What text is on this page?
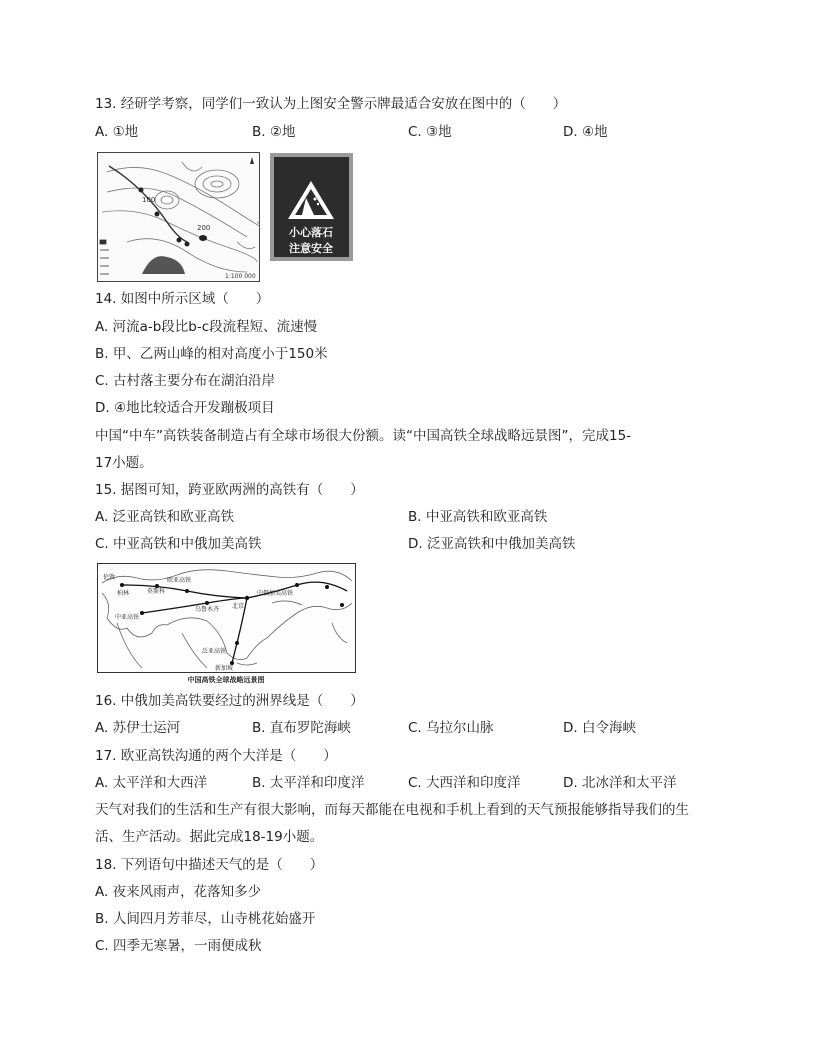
13. 经研学考察，同学们一致认为上图安全警示牌最适合安放在图中的（　　）
A. ①地	B. ②地	C. ③地	D. ④地
100
200
1:100 000
小心落石
注意安全
14. 如图中所示区域（　　）
A. 河流a-b段比b-c段流程短、流速慢
B. 甲、乙两山峰的相对高度小于150米
C. 古村落主要分布在湖泊沿岸
D. ④地比较适合开发蹦极项目
中国“中车”高铁装备制造占有全球市场很大份额。读“中国高铁全球战略远景图”，完成15-
17小题。
15. 据图可知，跨亚欧两洲的高铁有（　　）
A. 泛亚高铁和欧亚高铁	B. 中亚高铁和欧亚高铁
C. 中亚高铁和中俄加美高铁	D. 泛亚高铁和中俄加美高铁
欧亚高铁
中亚高铁
中俄加美高铁
泛亚高铁
北京
乌鲁木齐
莫斯科
伦敦
柏林
新加坡
中国高铁全球战略远景图
16. 中俄加美高铁要经过的洲界线是（　　）
A. 苏伊士运河	B. 直布罗陀海峡	C. 乌拉尔山脉	D. 白令海峡
17. 欧亚高铁沟通的两个大洋是（　　）
A. 太平洋和大西洋	B. 太平洋和印度洋	C. 大西洋和印度洋	D. 北冰洋和太平洋
天气对我们的生活和生产有很大影响，而每天都能在电视和手机上看到的天气预报能够指导我们的生
活、生产活动。据此完成18-19小题。
18. 下列语句中描述天气的是（　　）
A. 夜来风雨声，花落知多少
B. 人间四月芳菲尽，山寺桃花始盛开
C. 四季无寒暑，一雨便成秋
